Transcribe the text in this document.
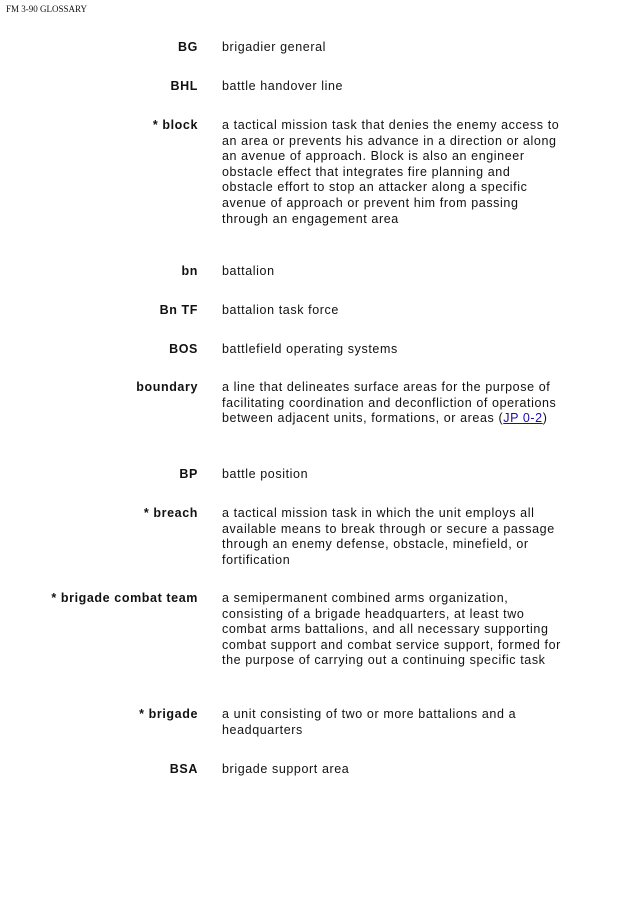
FM 3-90 GLOSSARY
BG brigadier general
BHL battle handover line
* block a tactical mission task that denies the enemy access to an area or prevents his advance in a direction or along an avenue of approach. Block is also an engineer obstacle effect that integrates fire planning and obstacle effort to stop an attacker along a specific avenue of approach or prevent him from passing through an engagement area
bn battalion
Bn TF battalion task force
BOS battlefield operating systems
boundary a line that delineates surface areas for the purpose of facilitating coordination and deconfliction of operations between adjacent units, formations, or areas (JP 0-2)
BP battle position
* breach a tactical mission task in which the unit employs all available means to break through or secure a passage through an enemy defense, obstacle, minefield, or fortification
* brigade combat team a semipermanent combined arms organization, consisting of a brigade headquarters, at least two combat arms battalions, and all necessary supporting combat support and combat service support, formed for the purpose of carrying out a continuing specific task
* brigade a unit consisting of two or more battalions and a headquarters
BSA brigade support area
